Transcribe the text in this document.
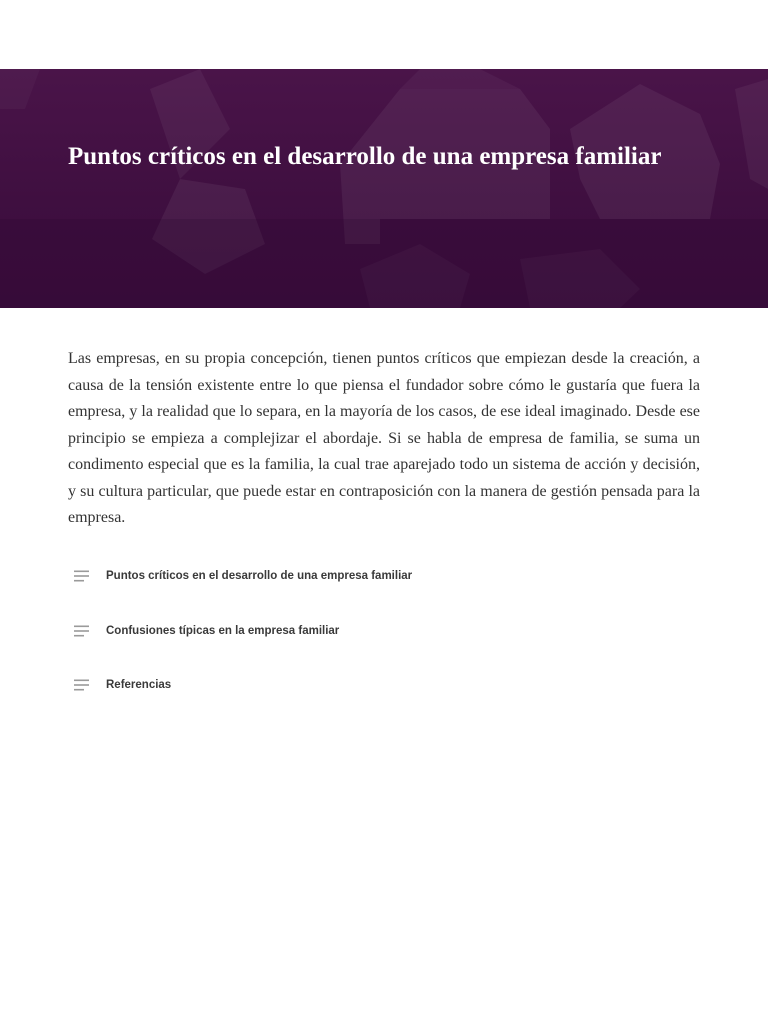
Puntos críticos en el desarrollo de una empresa familiar

Las empresas, en su propia concepción, tienen puntos críticos que empiezan desde la creación, a causa de la tensión existente entre lo que piensa el fundador sobre cómo le gustaría que fuera la empresa, y la realidad que lo separa, en la mayoría de los casos, de ese ideal imaginado. Desde ese principio se empieza a complejizar el abordaje. Si se habla de empresa de familia, se suma un condimento especial que es la familia, la cual trae aparejado todo un sistema de acción y decisión, y su cultura particular, que puede estar en contraposición con la manera de gestión pensada para la empresa.

Puntos críticos en el desarrollo de una empresa familiar
Confusiones típicas en la empresa familiar
Referencias
